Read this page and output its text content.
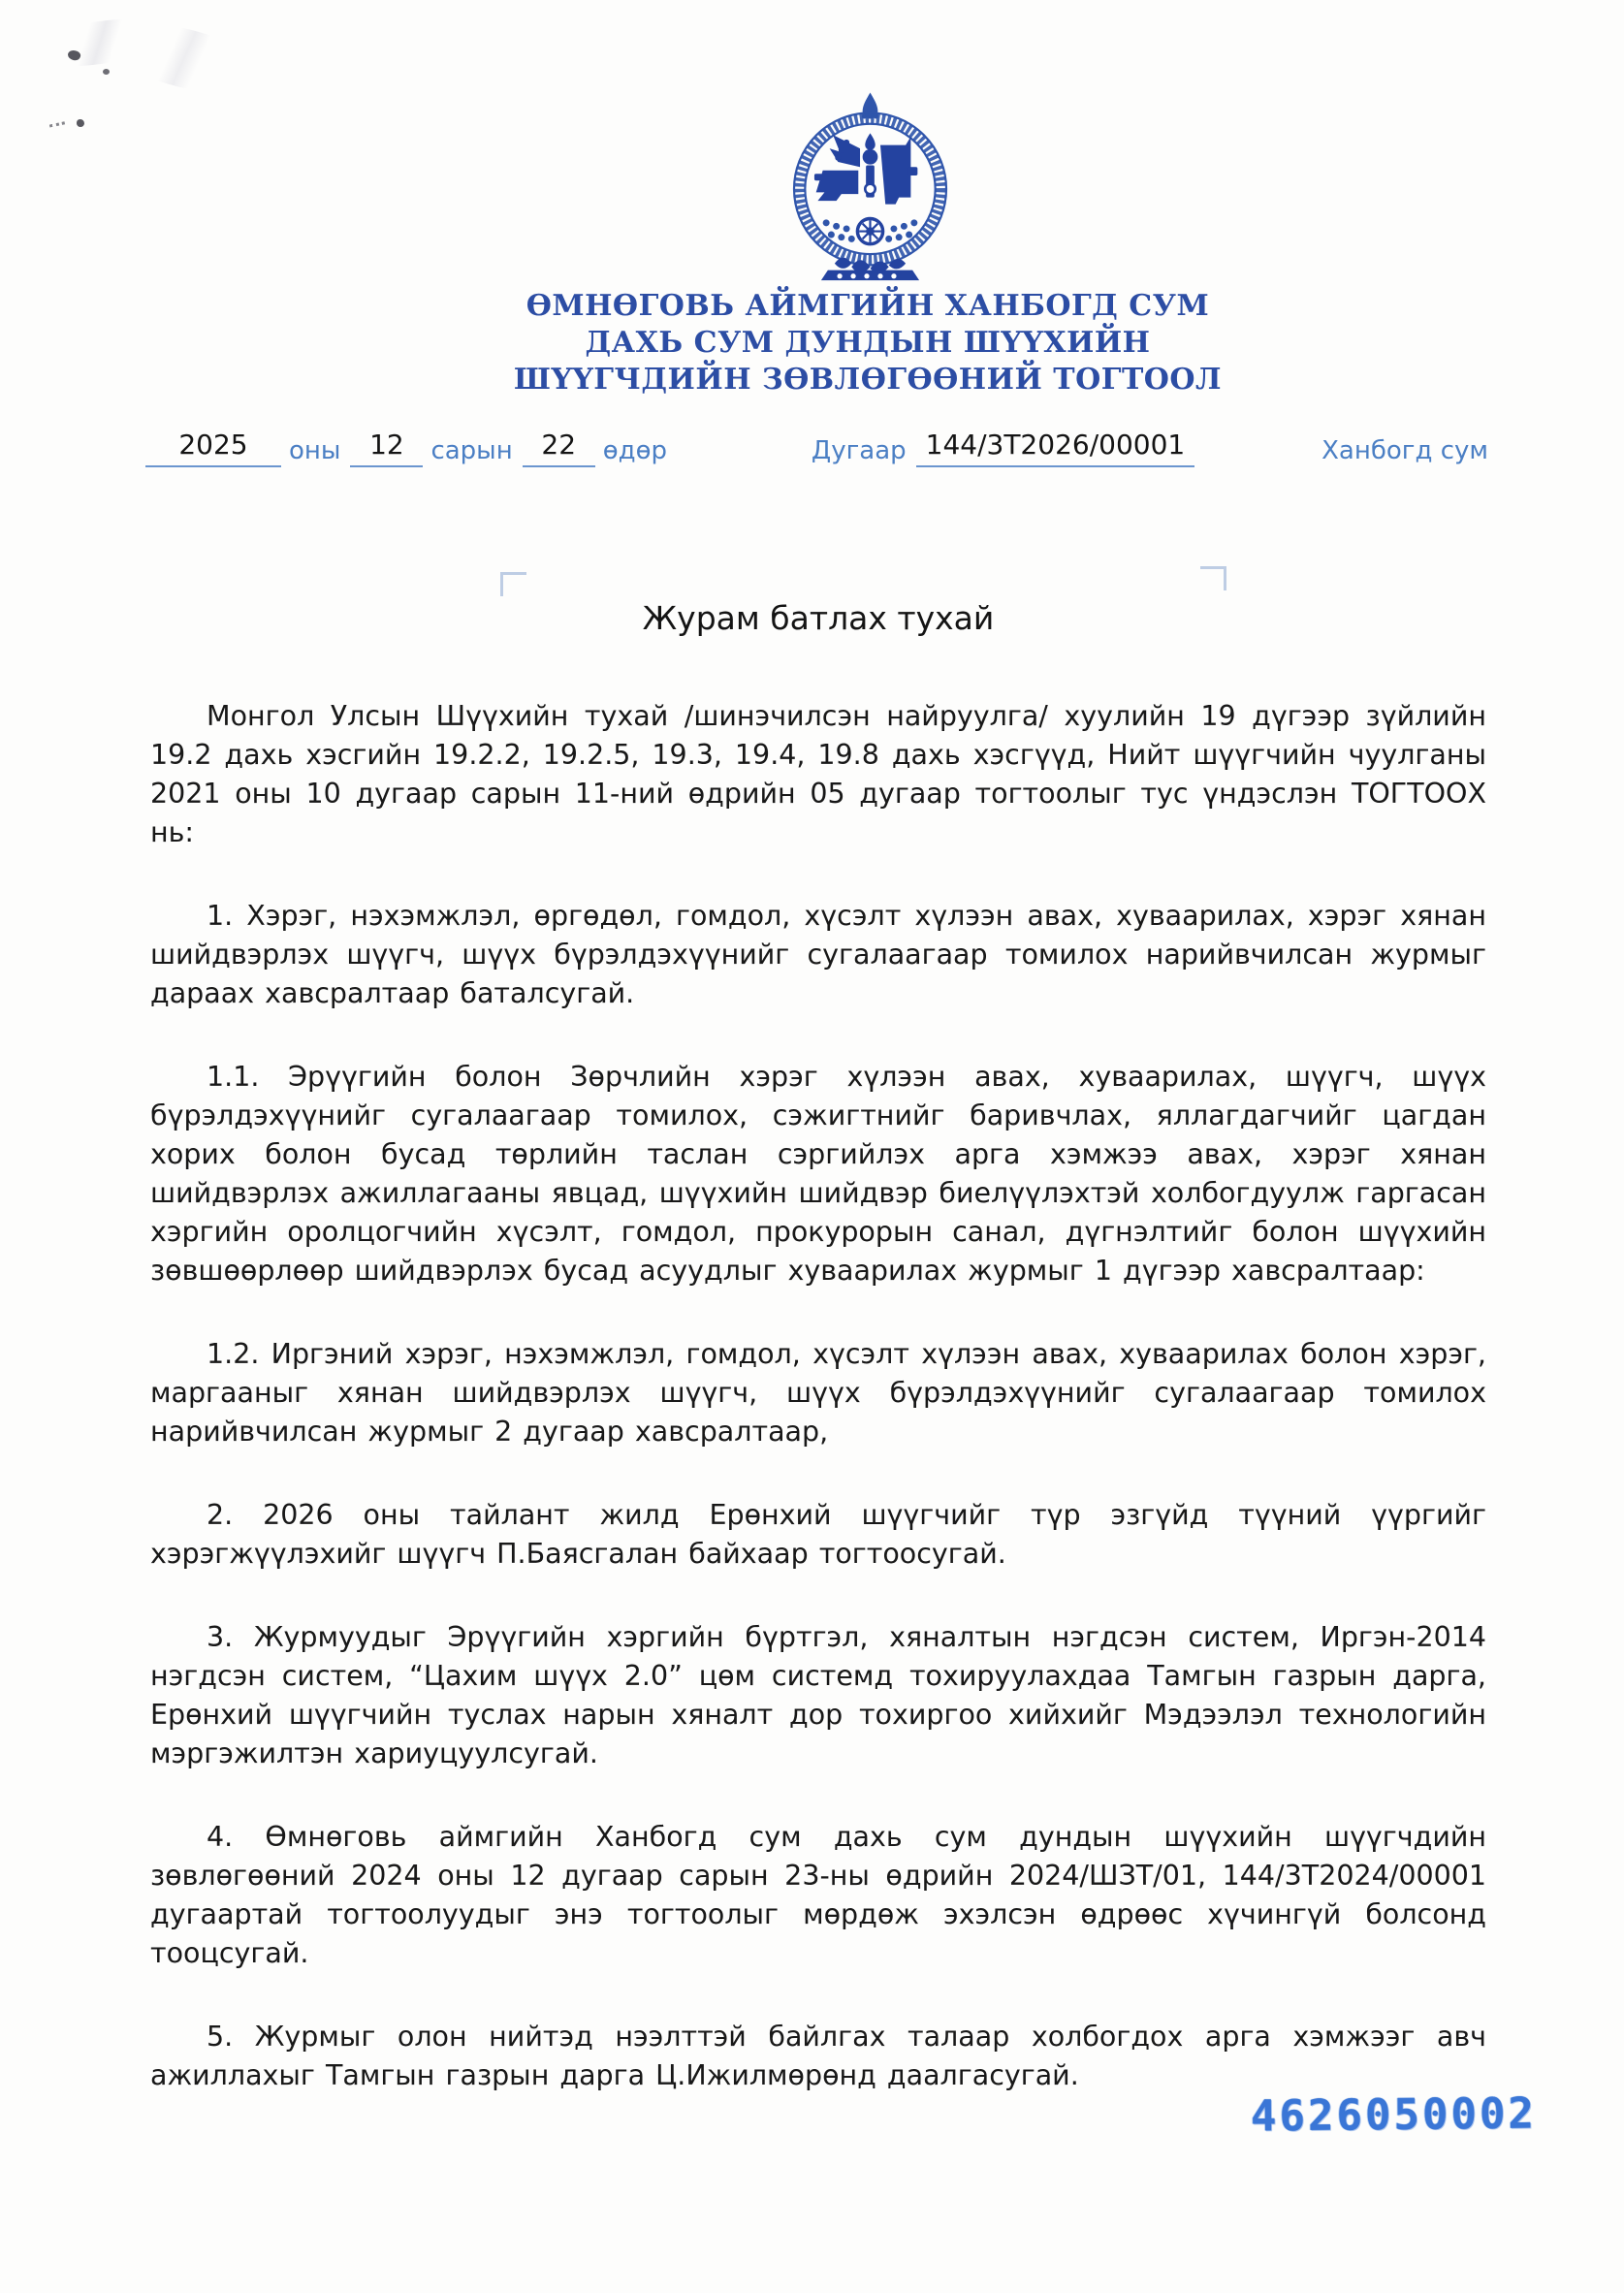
ӨМНӨГОВЬ АЙМГИЙН ХАНБОГД СУМ
ДАХЬ СУМ ДУНДЫН ШҮҮХИЙН
ШҮҮГЧДИЙН ЗӨВЛӨГӨӨНИЙ ТОГТООЛ
2025	оны	12	сарын	22	өдөр	Дугаар 144/3Т2026/00001	Ханбогд сум
Журам батлах тухай

Монгол Улсын Шүүхийн тухай /шинэчилсэн найруулга/ хуулийн 19 дүгээр зүйлийн 19.2 дахь хэсгийн 19.2.2, 19.2.5, 19.3, 19.4, 19.8 дахь хэсгүүд, Нийт шүүгчийн чуулганы 2021 оны 10 дугаар сарын 11-ний өдрийн 05 дугаар тогтоолыг тус үндэслэн ТОГТООХ нь:

1. Хэрэг, нэхэмжлэл, өргөдөл, гомдол, хүсэлт хүлээн авах, хуваарилах, хэрэг хянан шийдвэрлэх шүүгч, шүүх бүрэлдэхүүнийг сугалаагаар томилох нарийвчилсан журмыг дараах хавсралтаар баталсугай.

1.1. Эрүүгийн болон Зөрчлийн хэрэг хүлээн авах, хуваарилах, шүүгч, шүүх бүрэлдэхүүнийг сугалаагаар томилох, сэжигтнийг баривчлах, яллагдагчийг цагдан хорих болон бусад төрлийн таслан сэргийлэх арга хэмжээ авах, хэрэг хянан шийдвэрлэх ажиллагааны явцад, шүүхийн шийдвэр биелүүлэхтэй холбогдуулж гаргасан хэргийн оролцогчийн хүсэлт, гомдол, прокурорын санал, дүгнэлтийг болон шүүхийн зөвшөөрлөөр шийдвэрлэх бусад асуудлыг хуваарилах журмыг 1 дүгээр хавсралтаар:

1.2. Иргэний хэрэг, нэхэмжлэл, гомдол, хүсэлт хүлээн авах, хуваарилах болон хэрэг, маргааныг хянан шийдвэрлэх шүүгч, шүүх бүрэлдэхүүнийг сугалаагаар томилох нарийвчилсан журмыг 2 дугаар хавсралтаар,

2. 2026 оны тайлант жилд Ерөнхий шүүгчийг түр эзгүйд түүний үүргийг хэрэгжүүлэхийг шүүгч П.Баясгалан байхаар тогтоосугай.

3. Журмуудыг Эрүүгийн хэргийн бүртгэл, хяналтын нэгдсэн систем, Иргэн-2014 нэгдсэн систем, “Цахим шүүх 2.0” цөм системд тохируулахдаа Тамгын газрын дарга, Ерөнхий шүүгчийн туслах нарын хяналт дор тохиргоо хийхийг Мэдээлэл технологийн мэргэжилтэн хариуцуулсугай.

4. Өмнөговь аймгийн Ханбогд сум дахь сум дундын шүүхийн шүүгчдийн зөвлөгөөний 2024 оны 12 дугаар сарын 23-ны өдрийн 2024/ШЗТ/01, 144/3Т2024/00001 дугаартай тогтоолуудыг энэ тогтоолыг мөрдөж эхэлсэн өдрөөс хүчингүй болсонд тооцсугай.

5. Журмыг олон нийтэд нээлттэй байлгах талаар холбогдох арга хэмжээг авч ажиллахыг Тамгын газрын дарга Ц.Ижилмөрөнд даалгасугай.

4626050002
